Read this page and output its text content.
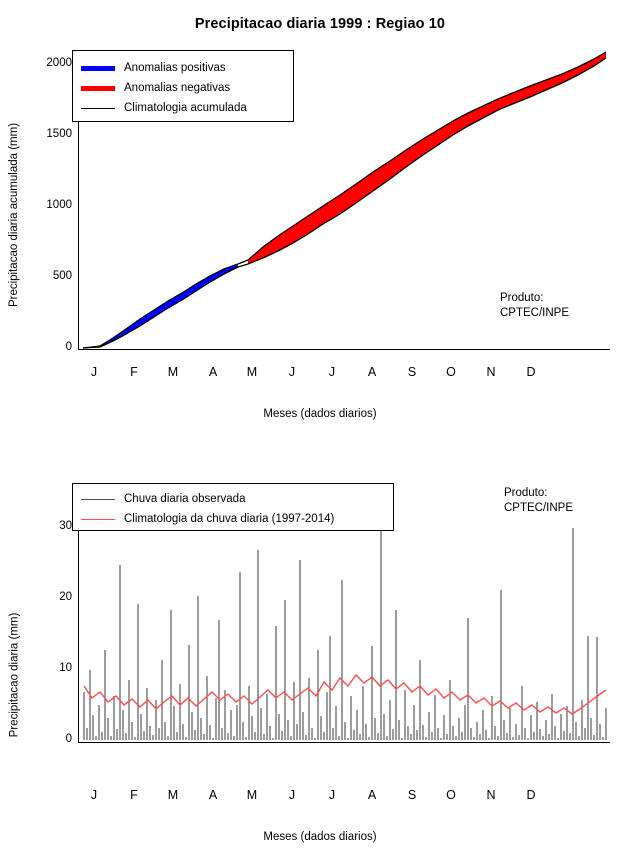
Precipitacao diaria 1999 : Regiao 10
Precipitacao diaria acumulada (mm)
0
500
1000
1500
2000
J	F	M	A	M	J	J	A	S	O	N	D
Meses (dados diarios)
Anomalias positivas
Anomalias negativas
Climatologia acumulada
Produto:
CPTEC/INPE
Precipitacao diaria (mm)
0
10
20
30
J	F	M	A	M	J	J	A	S	O	N	D
Meses (dados diarios)
Chuva diaria observada
Climatologia da chuva diaria (1997-2014)
Produto:
CPTEC/INPE
